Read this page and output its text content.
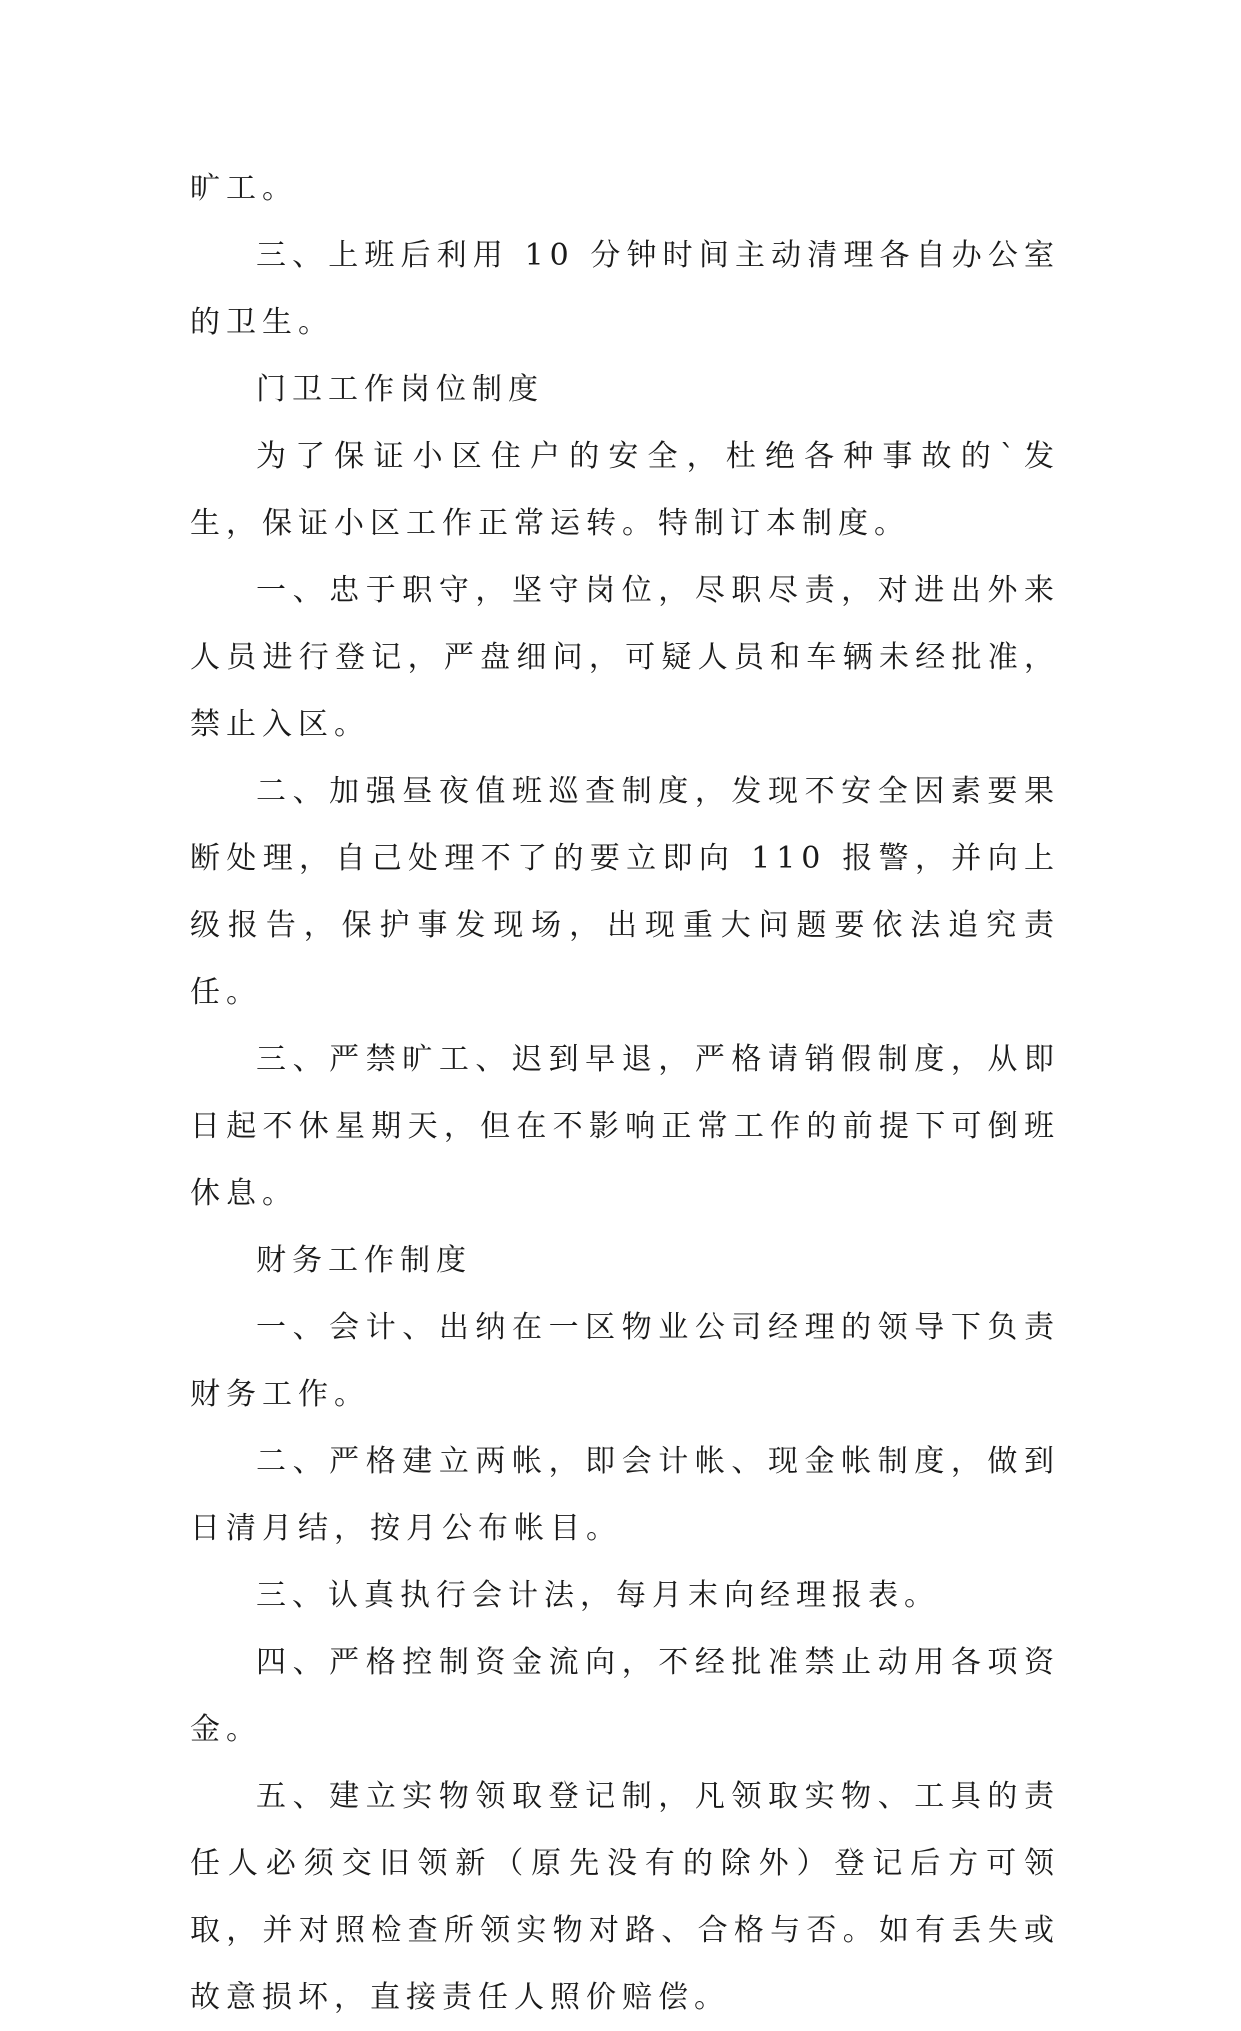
旷工。

三、上班后利用 10 分钟时间主动清理各自办公室的卫生。

门卫工作岗位制度

为了保证小区住户的安全，杜绝各种事故的`发生，保证小区工作正常运转。特制订本制度。

一、忠于职守，坚守岗位，尽职尽责，对进出外来人员进行登记，严盘细问，可疑人员和车辆未经批准，禁止入区。

二、加强昼夜值班巡查制度，发现不安全因素要果断处理，自己处理不了的要立即向 110 报警，并向上级报告，保护事发现场，出现重大问题要依法追究责任。

三、严禁旷工、迟到早退，严格请销假制度，从即日起不休星期天，但在不影响正常工作的前提下可倒班休息。

财务工作制度

一、会计、出纳在一区物业公司经理的领导下负责财务工作。

二、严格建立两帐，即会计帐、现金帐制度，做到日清月结，按月公布帐目。

三、认真执行会计法，每月末向经理报表。

四、严格控制资金流向，不经批准禁止动用各项资金。

五、建立实物领取登记制，凡领取实物、工具的责任人必须交旧领新（原先没有的除外）登记后方可领取，并对照检查所领实物对路、合格与否。如有丢失或故意损坏，直接责任人照价赔偿。
